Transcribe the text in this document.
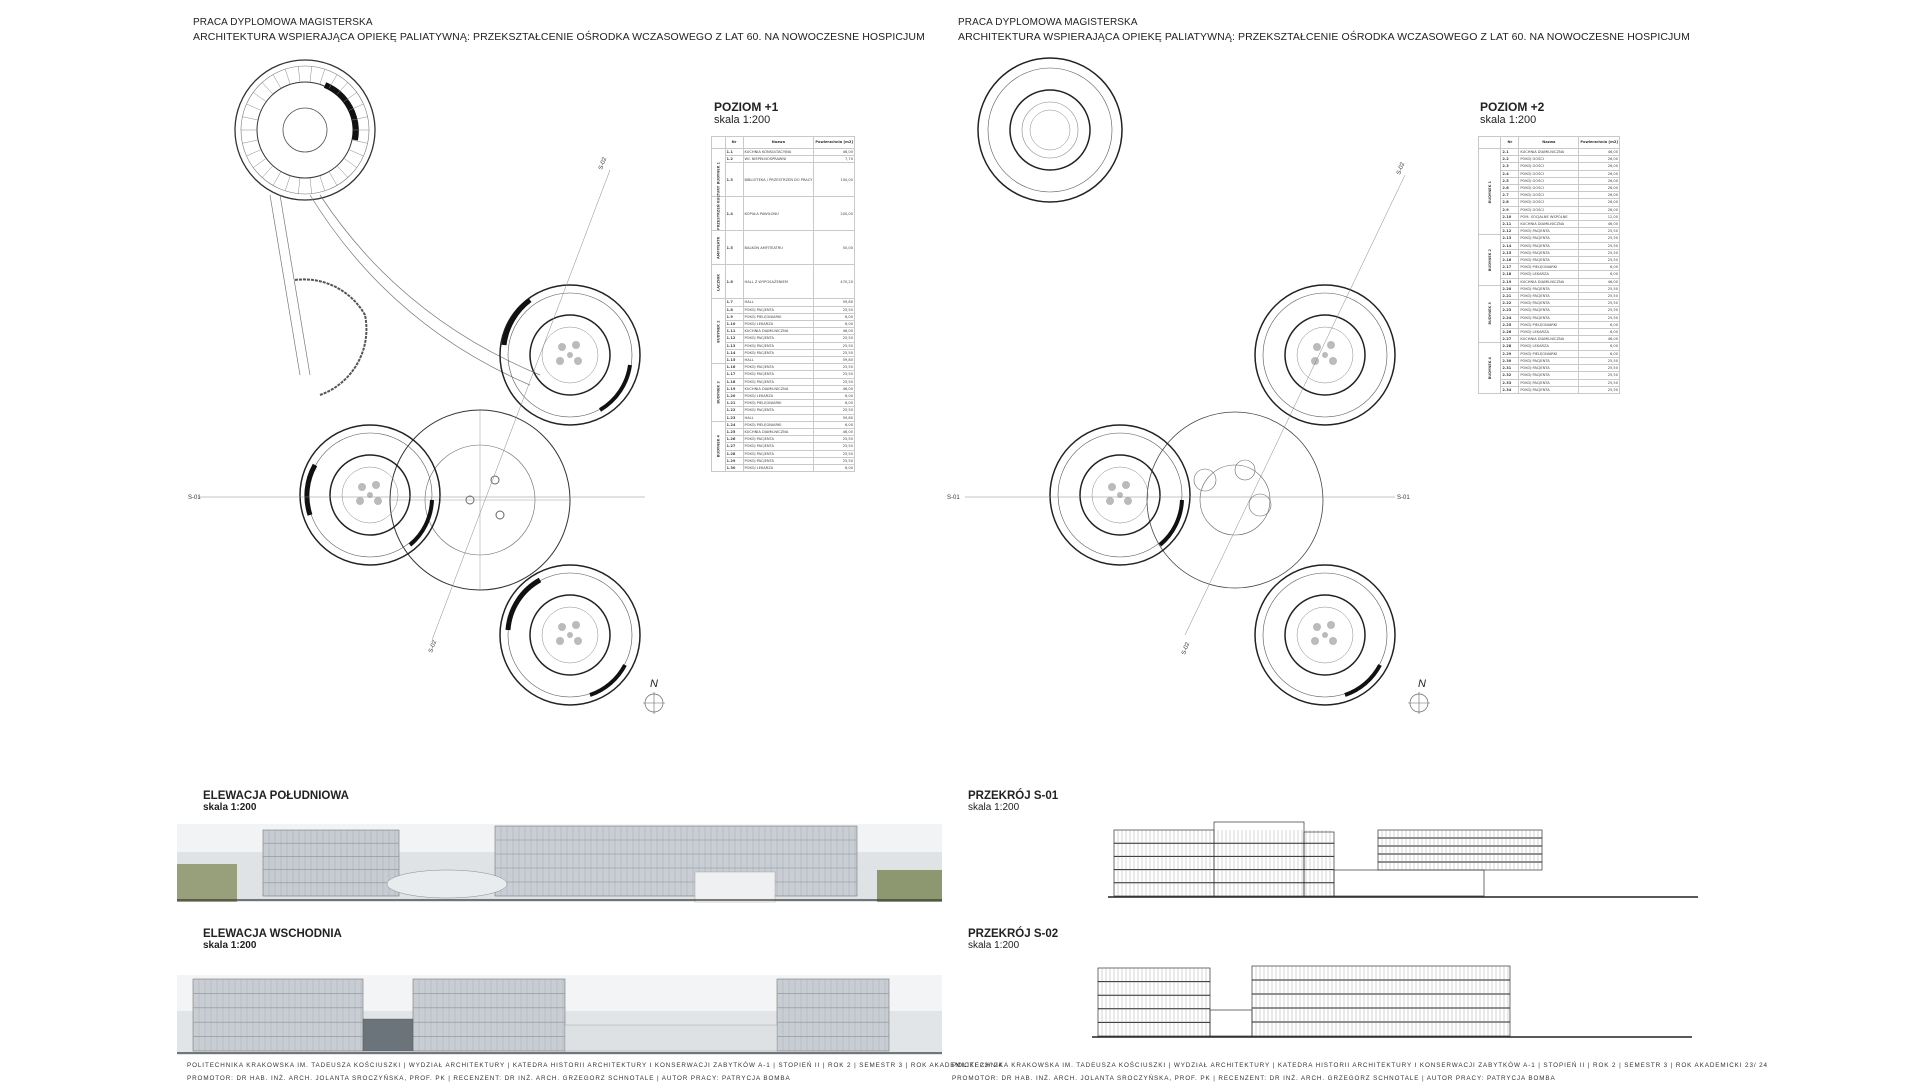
PRACA DYPLOMOWA MAGISTERSKA
ARCHITEKTURA WSPIERAJĄCA OPIEKĘ PALIATYWNĄ: PRZEKSZTAŁCENIE OŚRODKA WCZASOWEGO Z LAT 60. NA NOWOCZESNE HOSPICJUM
S-01
S-02
S-02
N
POZIOM +1
skala 1:200
	Nr	Nazwa	Powierzchnia [m2]
BUDYNEK 1	1.1	KUCHNIA KONSULTACYJNA	46,00
	1.2	WC NIEPEŁNOSPRAWNI	7,70
	1.3	BIBLIOTEKA / PRZESTRZEŃ DO PRACY	100,00
PRZESTRZEŃ KULTURY	1.4	KOPUŁA PAWILONU	200,00
AMFITEATR	1.5	BALKON AMFITEATRU	50,00
ŁĄCZNIK	1.6	HALL Z WYPOSAŻENIEM	470,20
BUDYNEK 2	1.7	HALL	59,80
	1.8	POKÓJ PACJENTA	25,50
	1.9	POKÓJ PIELĘGNIARKI	6,00
	1.10	POKÓJ LEKARZA	6,00
	1.11	KUCHNIA DIAMILNICZNA	46,00
	1.12	POKÓJ PACJENTA	25,50
	1.13	POKÓJ PACJENTA	25,50
	1.14	POKÓJ PACJENTA	25,50
	1.15	HALL	59,80
BUDYNEK 3	1.16	POKÓJ PACJENTA	25,50
	1.17	POKÓJ PACJENTA	25,50
	1.18	POKÓJ PACJENTA	25,50
	1.19	KUCHNIA DIAMILNICZNA	46,00
	1.20	POKÓJ LEKARZA	6,00
	1.21	POKÓJ PIELĘGNIARKI	6,00
	1.22	POKÓJ PACJENTA	25,50
	1.23	HALL	59,80
BUDYNEK 4	1.24	POKÓJ PIELĘGNIARKI	6,00
	1.25	KUCHNIA DIAMILNICZNA	46,00
	1.26	POKÓJ PACJENTA	25,50
	1.27	POKÓJ PACJENTA	25,50
	1.28	POKÓJ PACJENTA	25,50
	1.29	POKÓJ PACJENTA	25,50
	1.30	POKÓJ LEKARZA	6,00
ELEWACJA POŁUDNIOWA
skala 1:200
ELEWACJA WSCHODNIA
skala 1:200
POLITECHNIKA KRAKOWSKA IM. TADEUSZA KOŚCIUSZKI | WYDZIAŁ ARCHITEKTURY | KATEDRA HISTORII ARCHITEKTURY I KONSERWACJI ZABYTKÓW A-1 | STOPIEŃ II | ROK 2 | SEMESTR 3 | ROK AKADEMICKI 23/ 24
PRACA DYPLOMOWA MAGISTERSKA
ARCHITEKTURA WSPIERAJĄCA OPIEKĘ PALIATYWNĄ: PRZEKSZTAŁCENIE OŚRODKA WCZASOWEGO Z LAT 60. NA NOWOCZESNE HOSPICJUM
S-01	S-01
S-02
S-02
N
POZIOM +2
skala 1:200
	Nr	Nazwa	Powierzchnia [m2]
BUDYNEK 1	2.1	KUCHNIA DIAMILNICZNA	46,00
	2.2	POKÓJ GOŚCI	26,00
	2.3	POKÓJ GOŚCI	26,00
	2.4	POKÓJ GOŚCI	26,00
	2.5	POKÓJ GOŚCI	26,00
	2.6	POKÓJ GOŚCI	26,00
	2.7	POKÓJ GOŚCI	26,00
	2.8	POKÓJ GOŚCI	26,00
	2.9	POKÓJ GOŚCI	26,00
	2.10	POM. SOCJALNE WSPÓLNE	12,00
	2.11	KUCHNIA DIAMILNICZNA	46,00
	2.12	POKÓJ PACJENTA	25,50
BUDYNEK 2	2.13	POKÓJ PACJENTA	25,50
	2.14	POKÓJ PACJENTA	25,50
	2.15	POKÓJ PACJENTA	25,50
	2.16	POKÓJ PACJENTA	25,50
	2.17	POKÓJ PIELĘGNIARKI	6,00
	2.18	POKÓJ LEKARZA	6,00
	2.19	KUCHNIA DIAMILNICZNA	46,00
BUDYNEK 3	2.20	POKÓJ PACJENTA	25,50
	2.21	POKÓJ PACJENTA	25,50
	2.22	POKÓJ PACJENTA	25,50
	2.23	POKÓJ PACJENTA	25,50
	2.24	POKÓJ PACJENTA	25,50
	2.25	POKÓJ PIELĘGNIARKI	6,00
	2.26	POKÓJ LEKARZA	6,00
	2.27	KUCHNIA DIAMILNICZNA	46,00
BUDYNEK 4	2.28	POKÓJ LEKARZA	6,00
	2.29	POKÓJ PIELĘGNIARKI	6,00
	2.30	POKÓJ PACJENTA	25,50
	2.31	POKÓJ PACJENTA	25,50
	2.32	POKÓJ PACJENTA	25,50
	2.33	POKÓJ PACJENTA	25,50
	2.34	POKÓJ PACJENTA	25,50
PRZEKRÓJ S-01
skala 1:200
PRZEKRÓJ S-02
skala 1:200
POLITECHNIKA KRAKOWSKA IM. TADEUSZA KOŚCIUSZKI | WYDZIAŁ ARCHITEKTURY | KATEDRA HISTORII ARCHITEKTURY I KONSERWACJI ZABYTKÓW A-1 | STOPIEŃ II | ROK 2 | SEMESTR 3 | ROK AKADEMICKI 23/ 24
PROMOTOR: DR HAB. INŻ. ARCH. JOLANTA SROCZYŃSKA, PROF. PK | RECENZENT: DR INŻ. ARCH. GRZEGORZ SCHNOTALE | AUTOR PRACY: PATRYCJA BOMBA	PROMOTOR: DR HAB. INŻ. ARCH. JOLANTA SROCZYŃSKA, PROF. PK | RECENZENT: DR INŻ. ARCH. GRZEGORZ SCHNOTALE | AUTOR PRACY: PATRYCJA BOMBA
